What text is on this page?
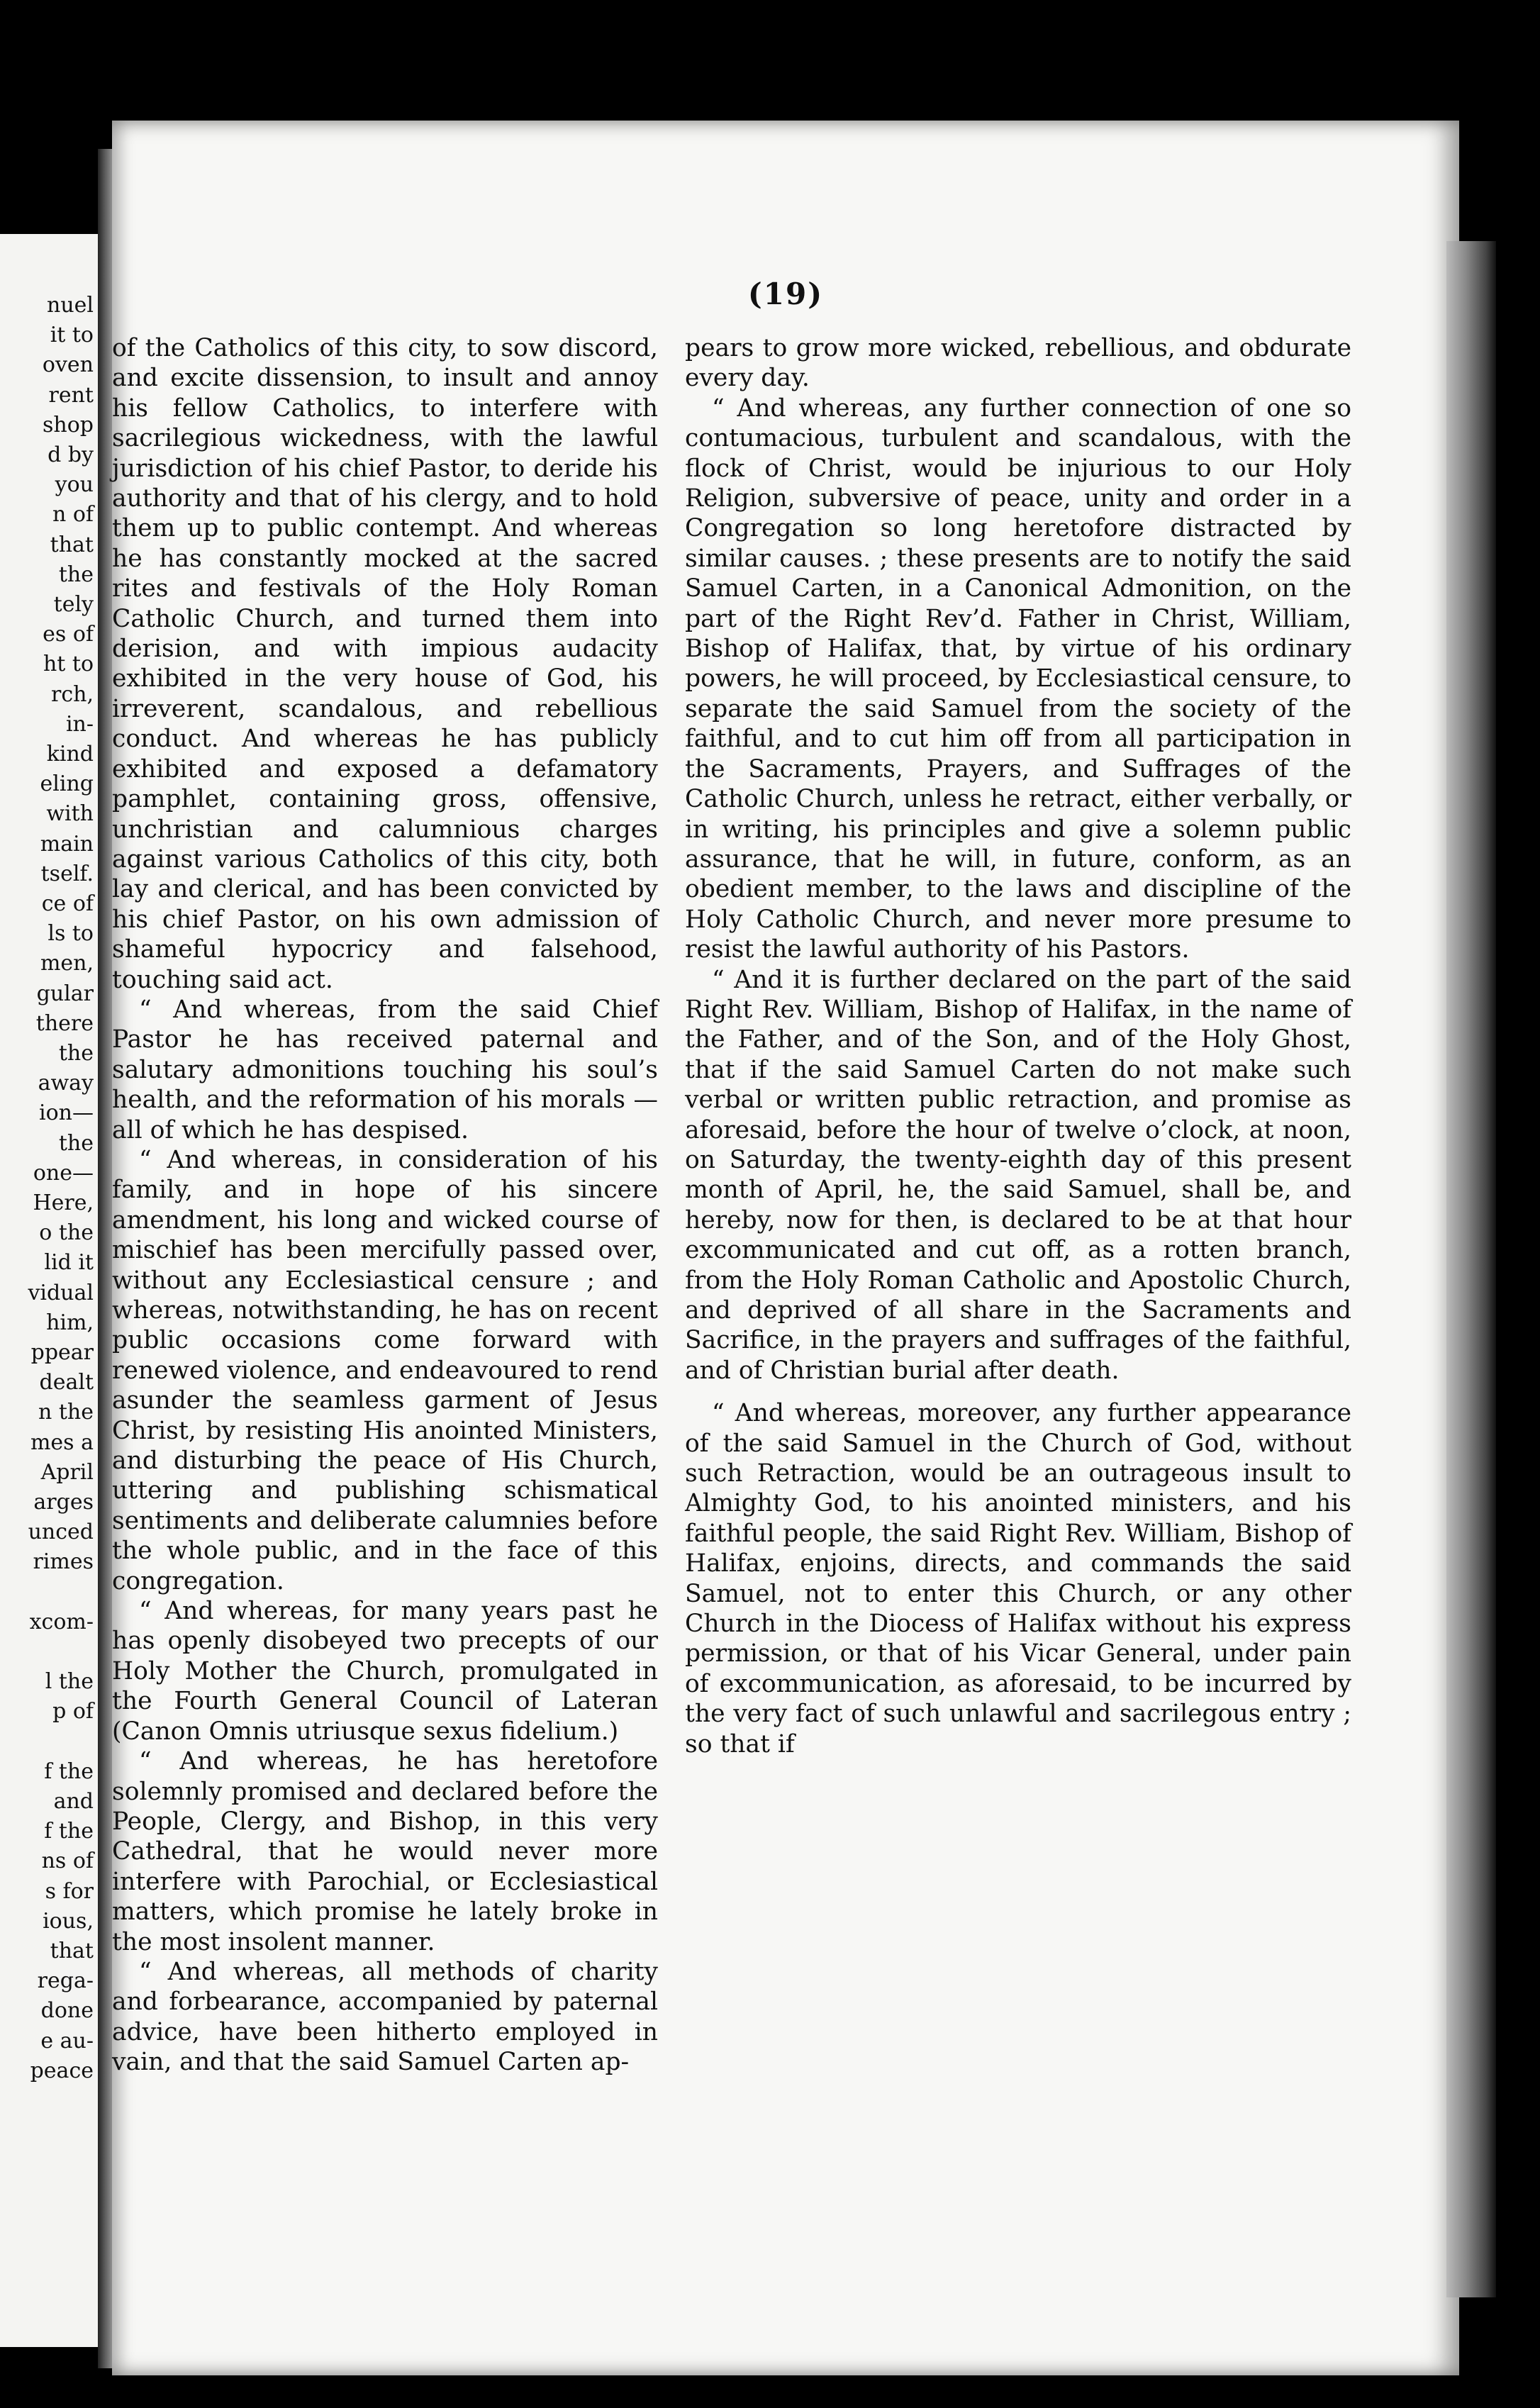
nuel
it to
oven
rent
shop
d by
you
n of
that
the
tely
es of
ht to
rch,
in-
kind
eling
with
main
tself.
ce of
ls to
men,
gular
there
the
away
ion—
the
one—
Here,
o the
lid it
vidual
him,
ppear
dealt
n the
mes a
April
arges
unced
rimes
xcom-
l the
p of
f the
and
f the
ns of
s for
ious,
that
rega-
done
e au-
peace
(19)

of the Catholics of this city, to sow discord, and excite dissension, to insult and annoy his fellow Catholics, to interfere with sacrilegious wickedness, with the lawful jurisdiction of his chief Pastor, to deride his authority and that of his clergy, and to hold them up to public contempt. And whereas he has constantly mocked at the sacred rites and festivals of the Holy Roman Catholic Church, and turned them into derision, and with impious audacity exhibited in the very house of God, his irreverent, scandalous, and rebellious conduct. And whereas he has publicly exhibited and exposed a defamatory pamphlet, containing gross, offensive, unchristian and calumnious charges against various Catholics of this city, both lay and clerical, and has been convicted by his chief Pastor, on his own admission of shameful hypocricy and falsehood, touching said act.

“ And whereas, from the said Chief Pastor he has received paternal and salutary admonitions touching his soul’s health, and the reformation of his morals —all of which he has despised.

“ And whereas, in consideration of his family, and in hope of his sincere amendment, his long and wicked course of mischief has been mercifully passed over, without any Ecclesiastical censure ; and whereas, notwithstanding, he has on recent public occasions come forward with renewed violence, and endeavoured to rend asunder the seamless garment of Jesus Christ, by resisting His anointed Ministers, and disturbing the peace of His Church, uttering and publishing schismatical sentiments and deliberate calumnies before the whole public, and in the face of this congregation.

“ And whereas, for many years past he has openly disobeyed two precepts of our Holy Mother the Church, promulgated in the Fourth General Council of Lateran (Canon Omnis utriusque sexus fidelium.)

“ And whereas, he has heretofore solemnly promised and declared before the People, Clergy, and Bishop, in this very Cathedral, that he would never more interfere with Parochial, or Ecclesiastical matters, which promise he lately broke in the most insolent manner.

“ And whereas, all methods of charity and forbearance, accompanied by paternal advice, have been hitherto employed in vain, and that the said Samuel Carten ap-

pears to grow more wicked, rebellious, and obdurate every day.

“ And whereas, any further connection of one so contumacious, turbulent and scandalous, with the flock of Christ, would be injurious to our Holy Religion, subversive of peace, unity and order in a Congregation so long heretofore distracted by similar causes. ; these presents are to notify the said Samuel Carten, in a Canonical Admonition, on the part of the Right Rev’d. Father in Christ, William, Bishop of Halifax, that, by virtue of his ordinary powers, he will proceed, by Ecclesiastical censure, to separate the said Samuel from the society of the faithful, and to cut him off from all participation in the Sacraments, Prayers, and Suffrages of the Catholic Church, unless he retract, either verbally, or in writing, his principles and give a solemn public assurance, that he will, in future, conform, as an obedient member, to the laws and discipline of the Holy Catholic Church, and never more presume to resist the lawful authority of his Pastors.

“ And it is further declared on the part of the said Right Rev. William, Bishop of Halifax, in the name of the Father, and of the Son, and of the Holy Ghost, that if the said Samuel Carten do not make such verbal or written public retraction, and promise as aforesaid, before the hour of twelve o’clock, at noon, on Saturday, the twenty-eighth day of this present month of April, he, the said Samuel, shall be, and hereby, now for then, is declared to be at that hour excommunicated and cut off, as a rotten branch, from the Holy Roman Catholic and Apostolic Church, and deprived of all share in the Sacraments and Sacrifice, in the prayers and suffrages of the faithful, and of Christian burial after death.

“ And whereas, moreover, any further appearance of the said Samuel in the Church of God, without such Retraction, would be an outrageous insult to Almighty God, to his anointed ministers, and his faithful people, the said Right Rev. William, Bishop of Halifax, enjoins, directs, and commands the said Samuel, not to enter this Church, or any other Church in the Diocess of Halifax without his express permission, or that of his Vicar General, under pain of excommunication, as aforesaid, to be incurred by the very fact of such unlawful and sacrilegous entry ; so that if
